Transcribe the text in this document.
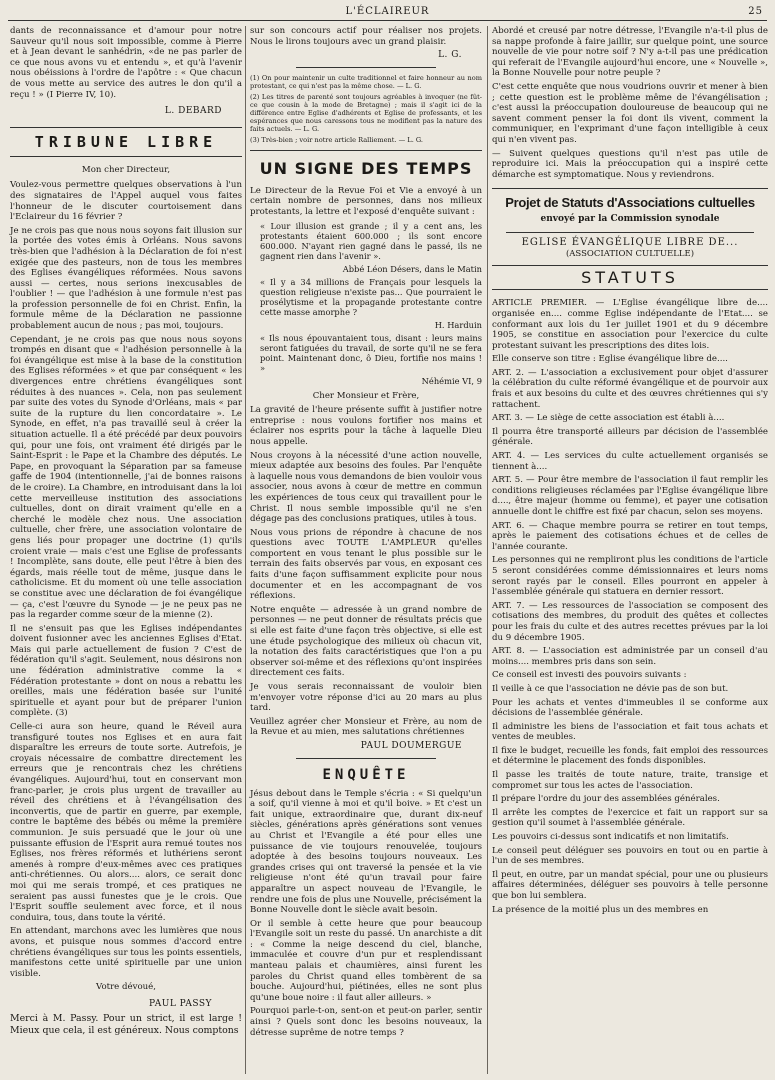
L'ÉCLAIREUR	25

dants de reconnaissance et d'amour pour notre Sauveur qu'il nous soit impossible, comme à Pierre et à Jean devant le sanhédrin, «de ne pas parler de ce que nous avons vu et entendu », et qu'à l'avenir nous obéissions à l'ordre de l'apôtre : « Que chacun de vous mette au service des autres le don qu'il a reçu ! » (I Pierre IV, 10).

L. DEBARD

TRIBUNE LIBRE

Mon cher Directeur,

Voulez-vous permettre quelques observations à l'un des signataires de l'Appel auquel vous faites l'honneur de le discuter courtoisement dans l'Eclaireur du 16 février ?

Je ne crois pas que nous nous soyons fait illusion sur la portée des votes émis à Orléans. Nous savons très-bien que l'adhésion à la Déclaration de foi n'est exigée que des pasteurs, non de tous les membres des Eglises évangéliques réformées. Nous savons aussi — certes, nous serions inexcusables de l'oublier ! — que l'adhésion à une formule n'est pas la profession personnelle de foi en Christ. Enfin, la formule même de la Déclaration ne passionne probablement aucun de nous ; pas moi, toujours.

Cependant, je ne crois pas que nous nous soyons trompés en disant que « l'adhésion personnelle à la foi évangélique est mise à la base de la constitution des Eglises réformées » et que par conséquent « les divergences entre chrétiens évangéliques sont réduites à des nuances ». Cela, non pas seulement par suite des votes du Synode d'Orléans, mais « par suite de la rupture du lien concordataire ». Le Synode, en effet, n'a pas travaillé seul à créer la situation actuelle. Il a été précédé par deux pouvoirs qui, pour une fois, ont vraiment été dirigés par le Saint-Esprit : le Pape et la Chambre des députés. Le Pape, en provoquant la Séparation par sa fameuse gaffe de 1904 (intentionnelle, j'ai de bonnes raisons de le croire). La Chambre, en introduisant dans la loi cette merveilleuse institution des associations cultuelles, dont on dirait vraiment qu'elle en a cherché le modèle chez nous. Une association cultuelle, cher frère, une association volontaire de gens liés pour propager une doctrine (1) qu'ils croient vraie — mais c'est une Eglise de professants ! Incomplète, sans doute, elle peut l'être à bien des égards, mais réelle tout de même, jusque dans le catholicisme. Et du moment où une telle association se constitue avec une déclaration de foi évangélique — ça, c'est l'œuvre du Synode — je ne peux pas ne pas la regarder comme sœur de la mienne (2).

Il ne s'ensuit pas que les Eglises indépendantes doivent fusionner avec les anciennes Eglises d'Etat. Mais qui parle actuellement de fusion ? C'est de fédération qu'il s'agit. Seulement, nous désirons non une fédération administrative comme la « Fédération protestante » dont on nous a rebattu les oreilles, mais une fédération basée sur l'unité spirituelle et ayant pour but de préparer l'union complète. (3)

Celle-ci aura son heure, quand le Réveil aura transfiguré toutes nos Eglises et en aura fait disparaître les erreurs de toute sorte. Autrefois, je croyais nécessaire de combattre directement les erreurs que je rencontrais chez les chrétiens évangéliques. Aujourd'hui, tout en conservant mon franc-parler, je crois plus urgent de travailler au réveil des chrétiens et à l'évangélisation des inconvertis, que de partir en guerre, par exemple, contre le baptême des bébés ou même la première communion. Je suis persuadé que le jour où une puissante effusion de l'Esprit aura remué toutes nos Eglises, nos frères réformés et luthériens seront amenés à rompre d'eux-mêmes avec ces pratiques anti-chrétiennes. Ou alors.... alors, ce serait donc moi qui me serais trompé, et ces pratiques ne seraient pas aussi funestes que je le crois. Que l'Esprit souffle seulement avec force, et il nous conduira, tous, dans toute la vérité.

En attendant, marchons avec les lumières que nous avons, et puisque nous sommes d'accord entre chrétiens évangéliques sur tous les points essentiels, manifestons cette unité spirituelle par une union visible.

Votre dévoué,

PAUL PASSY

Merci à M. Passy. Pour un strict, il est large ! Mieux que cela, il est généreux. Nous comptons

sur son concours actif pour réaliser nos projets. Nous le lirons toujours avec un grand plaisir.

L. G.

(1) On pour maintenir un culte traditionnel et faire honneur au nom protestant, ce qui n'est pas la même chose. — L. G.

(2) Les titres de parenté sont toujours agréables à invoquer (ne fût-ce que cousin à la mode de Bretagne) ; mais il s'agit ici de la différence entre Eglise d'adhérents et Eglise de professants, et les espérances que nous caressons tous ne modifient pas la nature des faits actuels. — L. G.

(3) Très-bien ; voir notre article Ralliement. — L. G.

UN SIGNE DES TEMPS

Le Directeur de la Revue Foi et Vie a envoyé à un certain nombre de personnes, dans nos milieux protestants, la lettre et l'exposé d'enquête suivant :

« Lour illusion est grande ; il y a cent ans, les protestants étaient 600.000 ; ils sont encore 600.000. N'ayant rien gagné dans le passé, ils ne gagnent rien dans l'avenir ».

Abbé Léon Désers, dans le Matin

« Il y a 34 millions de Français pour lesquels la question religieuse n'existe pas... Que pourraient le prosélytisme et la propagande protestante contre cette masse amorphe ?

H. Harduin

« Ils nous épouvantaient tous, disant : leurs mains seront fatiguées du travail, de sorte qu'il ne se fera point. Maintenant donc, ô Dieu, fortifie nos mains ! »

Néhémie VI, 9

Cher Monsieur et Frère,

La gravité de l'heure présente suffit à justifier notre entreprise : nous voulons fortifier nos mains et éclairer nos esprits pour la tâche à laquelle Dieu nous appelle.

Nous croyons à la nécessité d'une action nouvelle, mieux adaptée aux besoins des foules. Par l'enquête à laquelle nous vous demandons de bien vouloir vous associer, nous avons à cœur de mettre en commun les expériences de tous ceux qui travaillent pour le Christ. Il nous semble impossible qu'il ne s'en dégage pas des conclusions pratiques, utiles à tous.

Nous vous prions de répondre à chacune de nos questions avec TOUTE L'AMPLEUR qu'elles comportent en vous tenant le plus possible sur le terrain des faits observés par vous, en exposant ces faits d'une façon suffisamment explicite pour nous documenter et en les accompagnant de vos réflexions.

Notre enquête — adressée à un grand nombre de personnes — ne peut donner de résultats précis que si elle est faite d'une façon très objective, si elle est une étude psychologique des milieux où chacun vit, la notation des faits caractéristiques que l'on a pu observer soi-même et des réflexions qu'ont inspirées directement ces faits.

Je vous serais reconnaissant de vouloir bien m'envoyer votre réponse d'ici au 20 mars au plus tard.

Veuillez agréer cher Monsieur et Frère, au nom de la Revue et au mien, mes salutations chrétiennes

PAUL DOUMERGUE

ENQUÊTE

Jésus debout dans le Temple s'écria : « Si quelqu'un a soif, qu'il vienne à moi et qu'il boive. » Et c'est un fait unique, extraordinaire que, durant dix-neuf siècles, générations après générations sont venues au Christ et l'Evangile a été pour elles une puissance de vie toujours renouvelée, toujours adoptée à des besoins toujours nouveaux. Les grandes crises qui ont traversé la pensée et la vie religieuse n'ont été qu'un travail pour faire apparaître un aspect nouveau de l'Evangile, le rendre une fois de plus une Nouvelle, précisément la Bonne Nouvelle dont le siècle avait besoin.

Or il semble à cette heure que pour beaucoup l'Evangile soit un reste du passé. Un anarchiste a dit : « Comme la neige descend du ciel, blanche, immaculée et couvre d'un pur et resplendissant manteau palais et chaumières, ainsi furent les paroles du Christ quand elles tombèrent de sa bouche. Aujourd'hui, piétinées, elles ne sont plus qu'une boue noire : il faut aller ailleurs. »

Pourquoi parle-t-on, sent-on et peut-on parler, sentir ainsi ? Quels sont donc les besoins nouveaux, la détresse suprême de notre temps ?

Abordé et creusé par notre détresse, l'Evangile n'a-t-il plus de sa nappe profonde à faire jaillir, sur quelque point, une source nouvelle de vie pour notre soif ? N'y a-t-il pas une prédication qui referait de l'Evangile aujourd'hui encore, une « Nouvelle », la Bonne Nouvelle pour notre peuple ?

C'est cette enquête que nous voudrions ouvrir et mener à bien ; cette question est le problème même de l'évangélisation ; c'est aussi la préoccupation douloureuse de beaucoup qui ne savent comment penser la foi dont ils vivent, comment la communiquer, en l'exprimant d'une façon intelligible à ceux qui n'en vivent pas.

— Suivent quelques questions qu'il n'est pas utile de reproduire ici. Mais la préoccupation qui a inspiré cette démarche est symptomatique. Nous y reviendrons.

Projet de Statuts d'Associations cultuelles
envoyé par la Commission synodale
EGLISE ÉVANGÉLIQUE LIBRE DE...
(ASSOCIATION CULTUELLE)
STATUTS

ARTICLE PREMIER. — L'Eglise évangélique libre de.... organisée en.... comme Eglise indépendante de l'Etat.... se conformant aux lois du 1er juillet 1901 et du 9 décembre 1905, se constitue en association pour l'exercice du culte protestant suivant les prescriptions des dites lois.

Elle conserve son titre : Eglise évangélique libre de....

ART. 2. — L'association a exclusivement pour objet d'assurer la célébration du culte réformé évangélique et de pourvoir aux frais et aux besoins du culte et des œuvres chrétiennes qui s'y rattachent.

ART. 3. — Le siège de cette association est établi à....

Il pourra être transporté ailleurs par décision de l'assemblée générale.

ART. 4. — Les services du culte actuellement organisés se tiennent à....

ART. 5. — Pour être membre de l'association il faut remplir les conditions religieuses réclamées par l'Eglise évangélique libre d...., être majeur (homme ou femme), et payer une cotisation annuelle dont le chiffre est fixé par chacun, selon ses moyens.

ART. 6. — Chaque membre pourra se retirer en tout temps, après le paiement des cotisations échues et de celles de l'année courante.

Les personnes qui ne rempliront plus les conditions de l'article 5 seront considérées comme démissionnaires et leurs noms seront rayés par le conseil. Elles pourront en appeler à l'assemblée générale qui statuera en dernier ressort.

ART. 7. — Les ressources de l'association se composent des cotisations des membres, du produit des quêtes et collectes pour les frais du culte et des autres recettes prévues par la loi du 9 décembre 1905.

ART. 8. — L'association est administrée par un conseil d'au moins.... membres pris dans son sein.

Ce conseil est investi des pouvoirs suivants :

Il veille à ce que l'association ne dévie pas de son but.

Pour les achats et ventes d'immeubles il se conforme aux décisions de l'assemblée générale.

Il administre les biens de l'association et fait tous achats et ventes de meubles.

Il fixe le budget, recueille les fonds, fait emploi des ressources et détermine le placement des fonds disponibles.

Il passe les traités de toute nature, traite, transige et compromet sur tous les actes de l'association.

Il prépare l'ordre du jour des assemblées générales.

Il arrête les comptes de l'exercice et fait un rapport sur sa gestion qu'il soumet à l'assemblée générale.

Les pouvoirs ci-dessus sont indicatifs et non limitatifs.

Le conseil peut déléguer ses pouvoirs en tout ou en partie à l'un de ses membres.

Il peut, en outre, par un mandat spécial, pour une ou plusieurs affaires déterminées, déléguer ses pouvoirs à telle personne que bon lui semblera.

La présence de la moitié plus un des membres en
